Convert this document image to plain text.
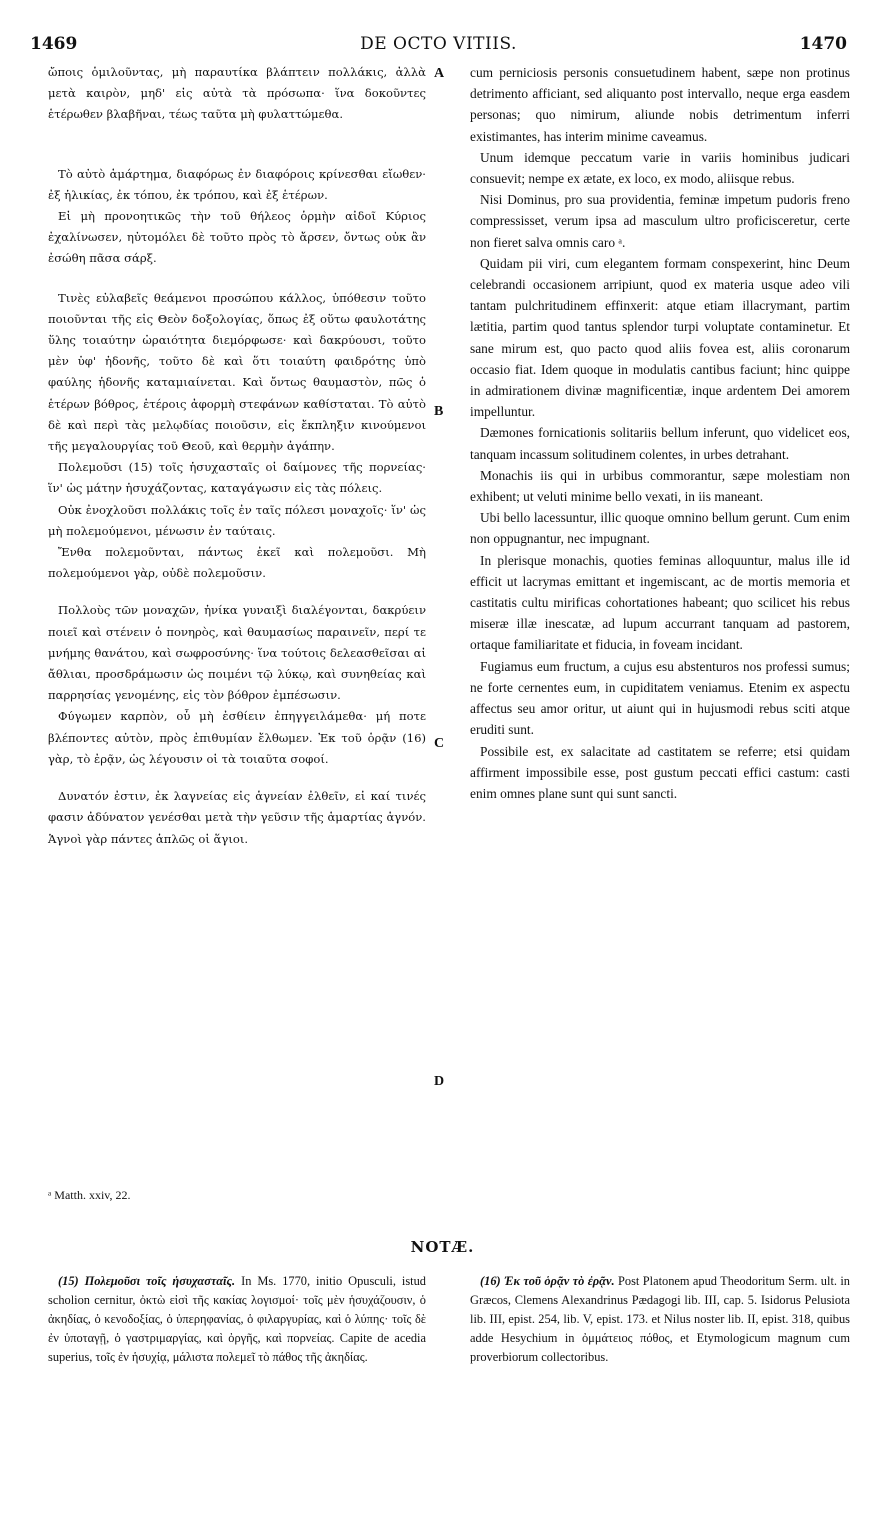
1469	DE OCTO VITIIS.	1470
A
B
C
D

ὤποις ὁμιλοῦντας, μὴ παραυτίκα βλάπτειν πολλάκις, ἀλλὰ μετὰ καιρὸν, μηδ' εἰς αὐτὰ τὰ πρόσωπα· ἵνα δοκοῦντες ἑτέρωθεν βλαβῆναι, τέως ταῦτα μὴ φυλαττώμεθα.

Τὸ αὐτὸ ἁμάρτημα, διαφόρως ἐν διαφόροις κρίνεσθαι εἴωθεν· ἐξ ἡλικίας, ἐκ τόπου, ἐκ τρόπου, καὶ ἐξ ἑτέρων.

Εἰ μὴ προνοητικῶς τὴν τοῦ θήλεος ὁρμὴν αἰδοῖ Κύριος ἐχαλίνωσεν, ηὐτομόλει δὲ τοῦτο πρὸς τὸ ἄρσεν, ὄντως οὐκ ἂν ἐσώθη πᾶσα σάρξ.

Τινὲς εὐλαβεῖς θεάμενοι προσώπου κάλλος, ὑπόθεσιν τοῦτο ποιοῦνται τῆς εἰς Θεὸν δοξολογίας, ὅπως ἐξ οὕτω φαυλοτάτης ὕλης τοιαύτην ὡραιότητα διεμόρφωσε· καὶ δακρύουσι, τοῦτο μὲν ὑφ' ἡδονῆς, τοῦτο δὲ καὶ ὅτι τοιαύτη φαιδρότης ὑπὸ φαύλης ἡδονῆς καταμιαίνεται. Καὶ ὄντως θαυμαστὸν, πῶς ὁ ἑτέρων βόθρος, ἑτέροις ἀφορμὴ στεφάνων καθίσταται. Τὸ αὐτὸ δὲ καὶ περὶ τὰς μελῳδίας ποιοῦσιν, εἰς ἔκπληξιν κινούμενοι τῆς μεγαλουργίας τοῦ Θεοῦ, καὶ θερμὴν ἀγάπην.

Πολεμοῦσι (15) τοῖς ἡσυχασταῖς οἱ δαίμονες τῆς πορνείας· ἵν' ὡς μάτην ἡσυχάζοντας, καταγάγωσιν εἰς τὰς πόλεις.

Οὐκ ἐνοχλοῦσι πολλάκις τοῖς ἐν ταῖς πόλεσι μοναχοῖς· ἵν' ὡς μὴ πολεμούμενοι, μένωσιν ἐν ταύταις.

Ἔνθα πολεμοῦνται, πάντως ἐκεῖ καὶ πολεμοῦσι. Μὴ πολεμούμενοι γὰρ, οὐδὲ πολεμοῦσιν.

Πολλοὺς τῶν μοναχῶν, ἡνίκα γυναιξὶ διαλέγονται, δακρύειν ποιεῖ καὶ στένειν ὁ πονηρὸς, καὶ θαυμασίως παραινεῖν, περί τε μνήμης θανάτου, καὶ σωφροσύνης· ἵνα τούτοις δελεασθεῖσαι αἱ ἄθλιαι, προσδράμωσιν ὡς ποιμένι τῷ λύκῳ, καὶ συνηθείας καὶ παρρησίας γενομένης, εἰς τὸν βόθρον ἐμπέσωσιν.

Φύγωμεν καρπὸν, οὗ μὴ ἐσθίειν ἐπηγγειλάμεθα· μή ποτε βλέποντες αὐτὸν, πρὸς ἐπιθυμίαν ἔλθωμεν. Ἐκ τοῦ ὁρᾷν (16) γὰρ, τὸ ἐρᾷν, ὡς λέγουσιν οἱ τὰ τοιαῦτα σοφοί.

Δυνατόν ἐστιν, ἐκ λαγνείας εἰς ἁγνείαν ἐλθεῖν, εἰ καί τινές φασιν ἀδύνατον γενέσθαι μετὰ τὴν γεῦσιν τῆς ἁμαρτίας ἁγνόν. Ἁγνοὶ γὰρ πάντες ἁπλῶς οἱ ἅγιοι.

cum perniciosis personis consuetudinem habent, sæpe non protinus detrimento afficiant, sed aliquanto post intervallo, neque erga easdem personas; quo nimirum, aliunde nobis detrimentum inferri existimantes, has interim minime caveamus.

Unum idemque peccatum varie in variis hominibus judicari consuevit; nempe ex ætate, ex loco, ex modo, aliisque rebus.

Nisi Dominus, pro sua providentia, feminæ impetum pudoris freno compressisset, verum ipsa ad masculum ultro proficisceretur, certe non fieret salva omnis caro ᵃ.

Quidam pii viri, cum elegantem formam conspexerint, hinc Deum celebrandi occasionem arripiunt, quod ex materia usque adeo vili tantam pulchritudinem effinxerit: atque etiam illacrymant, partim lætitia, partim quod tantus splendor turpi voluptate contaminetur. Et sane mirum est, quo pacto quod aliis fovea est, aliis coronarum occasio fiat. Idem quoque in modulatis cantibus faciunt; hinc quippe in admirationem divinæ magnificentiæ, inque ardentem Dei amorem impelluntur.

Dæmones fornicationis solitariis bellum inferunt, quo videlicet eos, tanquam incassum solitudinem colentes, in urbes detrahant.

Monachis iis qui in urbibus commorantur, sæpe molestiam non exhibent; ut veluti minime bello vexati, in iis maneant.

Ubi bello lacessuntur, illic quoque omnino bellum gerunt. Cum enim non oppugnantur, nec impugnant.

In plerisque monachis, quoties feminas alloquuntur, malus ille id efficit ut lacrymas emittant et ingemiscant, ac de mortis memoria et castitatis cultu mirificas cohortationes habeant; quo scilicet his rebus miseræ illæ inescatæ, ad lupum accurrant tanquam ad pastorem, ortaque familiaritate et fiducia, in foveam incidant.

Fugiamus eum fructum, a cujus esu abstenturos nos professi sumus; ne forte cernentes eum, in cupiditatem veniamus. Etenim ex aspectu affectus seu amor oritur, ut aiunt qui in hujusmodi rebus sciti atque eruditi sunt.

Possibile est, ex salacitate ad castitatem se referre; etsi quidam affirment impossibile esse, post gustum peccati effici castum: casti enim omnes plane sunt qui sunt sancti.

ᵃ Matth. xxiv, 22.
NOTÆ.

(15) Πολεμοῦσι τοῖς ἡσυχασταῖς. In Ms. 1770, initio Opusculi, istud scholion cernitur, ὀκτὼ εἰσὶ τῆς κακίας λογισμοί· τοῖς μὲν ἡσυχάζουσιν, ὁ ἀκηδίας, ὁ κενοδοξίας, ὁ ὑπερηφανίας, ὁ φιλαργυρίας, καὶ ὁ λύπης· τοῖς δὲ ἐν ὑποταγῇ, ὁ γαστριμαργίας, καὶ ὀργῆς, καὶ πορνείας. Capite de acedia superius, τοῖς ἐν ἡσυχίᾳ, μάλιστα πολεμεῖ τὸ πάθος τῆς ἀκηδίας.

(16) Ἐκ τοῦ ὁρᾷν τὸ ἐρᾷν. Post Platonem apud Theodoritum Serm. ult. in Græcos, Clemens Alexandrinus Pædagogi lib. III, cap. 5. Isidorus Pelusiota lib. III, epist. 254, lib. V, epist. 173. et Nilus noster lib. II, epist. 318, quibus adde Hesychium in ὀμμάτειος πόθος, et Etymologicum magnum cum proverbiorum collectoribus.
